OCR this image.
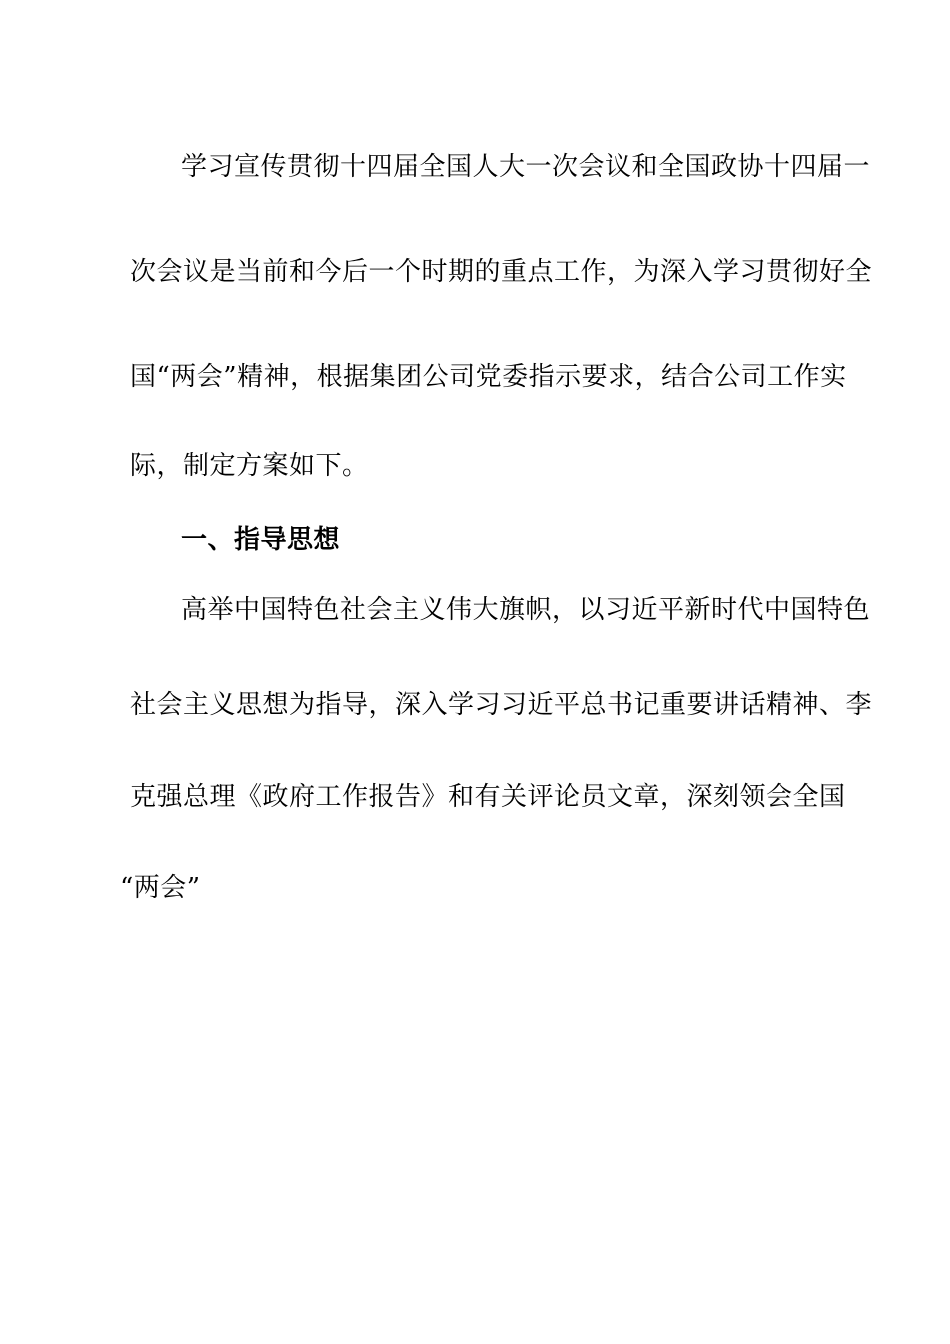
学习宣传贯彻十四届全国人大一次会议和全国政协十四届一
次会议是当前和今后一个时期的重点工作，为深入学习贯彻好全
国“两会”精神，根据集团公司党委指示要求，结合公司工作实
际，制定方案如下。
一、指导思想
高举中国特色社会主义伟大旗帜，以习近平新时代中国特色
社会主义思想为指导，深入学习习近平总书记重要讲话精神、李
克强总理《政府工作报告》和有关评论员文章，深刻领会全国
“两会”
